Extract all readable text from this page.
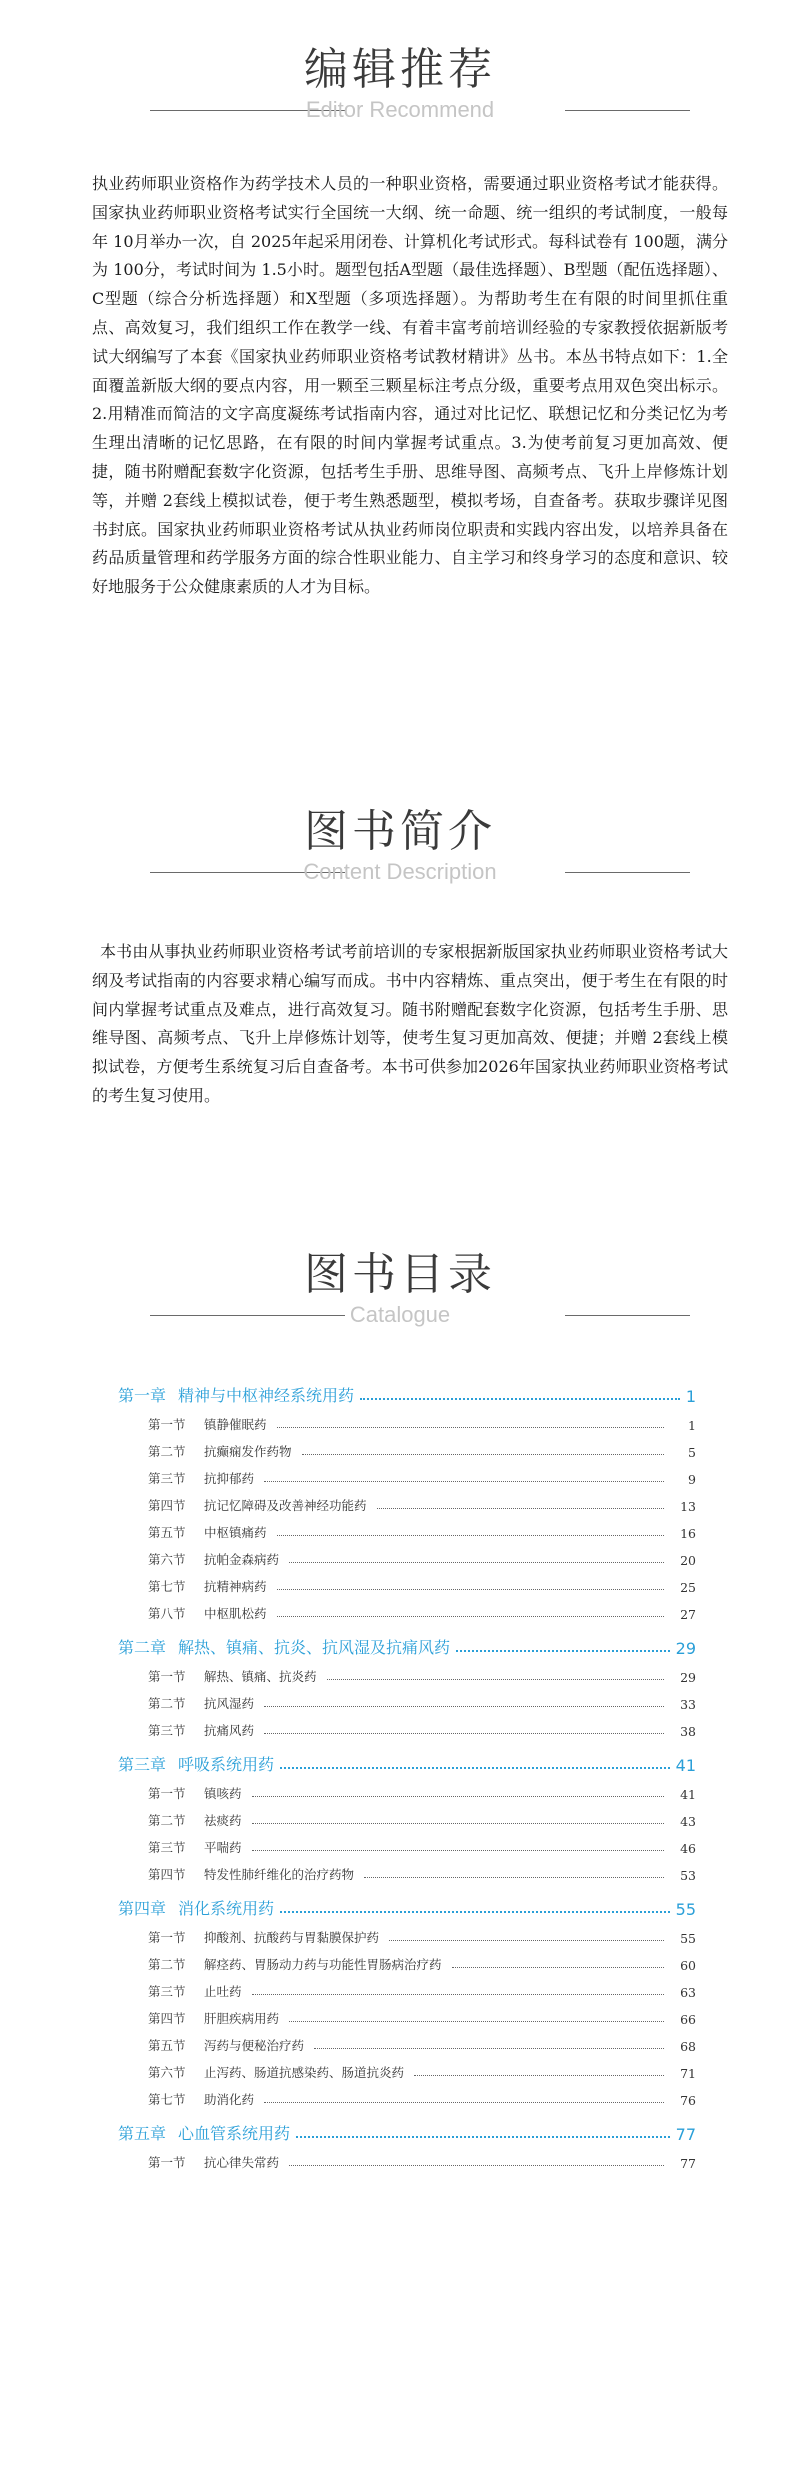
编辑推荐
Editor Recommend

执业药师职业资格作为药学技术人员的一种职业资格，需要通过职业资格考试才能获得。国家执业药师职业资格考试实行全国统一大纲、统一命题、统一组织的考试制度，一般每年 10月举办一次，自 2025年起采用闭卷、计算机化考试形式。每科试卷有 100题，满分为 100分，考试时间为 1.5小时。题型包括A型题（最佳选择题）、B型题（配伍选择题）、C型题（综合分析选择题）和X型题（多项选择题）。为帮助考生在有限的时间里抓住重点、高效复习，我们组织工作在教学一线、有着丰富考前培训经验的专家教授依据新版考试大纲编写了本套《国家执业药师职业资格考试教材精讲》丛书。本丛书特点如下：1.全面覆盖新版大纲的要点内容，用一颗至三颗星标注考点分级，重要考点用双色突出标示。2.用精准而简洁的文字高度凝练考试指南内容，通过对比记忆、联想记忆和分类记忆为考生理出清晰的记忆思路，在有限的时间内掌握考试重点。3.为使考前复习更加高效、便捷，随书附赠配套数字化资源，包括考生手册、思维导图、高频考点、飞升上岸修炼计划等，并赠 2套线上模拟试卷，便于考生熟悉题型，模拟考场，自查备考。获取步骤详见图书封底。国家执业药师职业资格考试从执业药师岗位职责和实践内容出发，以培养具备在药品质量管理和药学服务方面的综合性职业能力、自主学习和终身学习的态度和意识、较好地服务于公众健康素质的人才为目标。

图书简介
Content Description

本书由从事执业药师职业资格考试考前培训的专家根据新版国家执业药师职业资格考试大纲及考试指南的内容要求精心编写而成。书中内容精炼、重点突出，便于考生在有限的时间内掌握考试重点及难点，进行高效复习。随书附赠配套数字化资源，包括考生手册、思维导图、高频考点、飞升上岸修炼计划等，使考生复习更加高效、便捷；并赠 2套线上模拟试卷，方便考生系统复习后自查备考。本书可供参加2026年国家执业药师职业资格考试的考生复习使用。

图书目录
Catalogue
第一章 精神与中枢神经系统用药	1
第一节	镇静催眠药	1
第二节	抗癫痫发作药物	5
第三节	抗抑郁药	9
第四节	抗记忆障碍及改善神经功能药	13
第五节	中枢镇痛药	16
第六节	抗帕金森病药	20
第七节	抗精神病药	25
第八节	中枢肌松药	27
第二章 解热、镇痛、抗炎、抗风湿及抗痛风药	29
第一节	解热、镇痛、抗炎药	29
第二节	抗风湿药	33
第三节	抗痛风药	38
第三章 呼吸系统用药	41
第一节	镇咳药	41
第二节	祛痰药	43
第三节	平喘药	46
第四节	特发性肺纤维化的治疗药物	53
第四章 消化系统用药	55
第一节	抑酸剂、抗酸药与胃黏膜保护药	55
第二节	解痉药、胃肠动力药与功能性胃肠病治疗药	60
第三节	止吐药	63
第四节	肝胆疾病用药	66
第五节	泻药与便秘治疗药	68
第六节	止泻药、肠道抗感染药、肠道抗炎药	71
第七节	助消化药	76
第五章 心血管系统用药	77
第一节	抗心律失常药	77
